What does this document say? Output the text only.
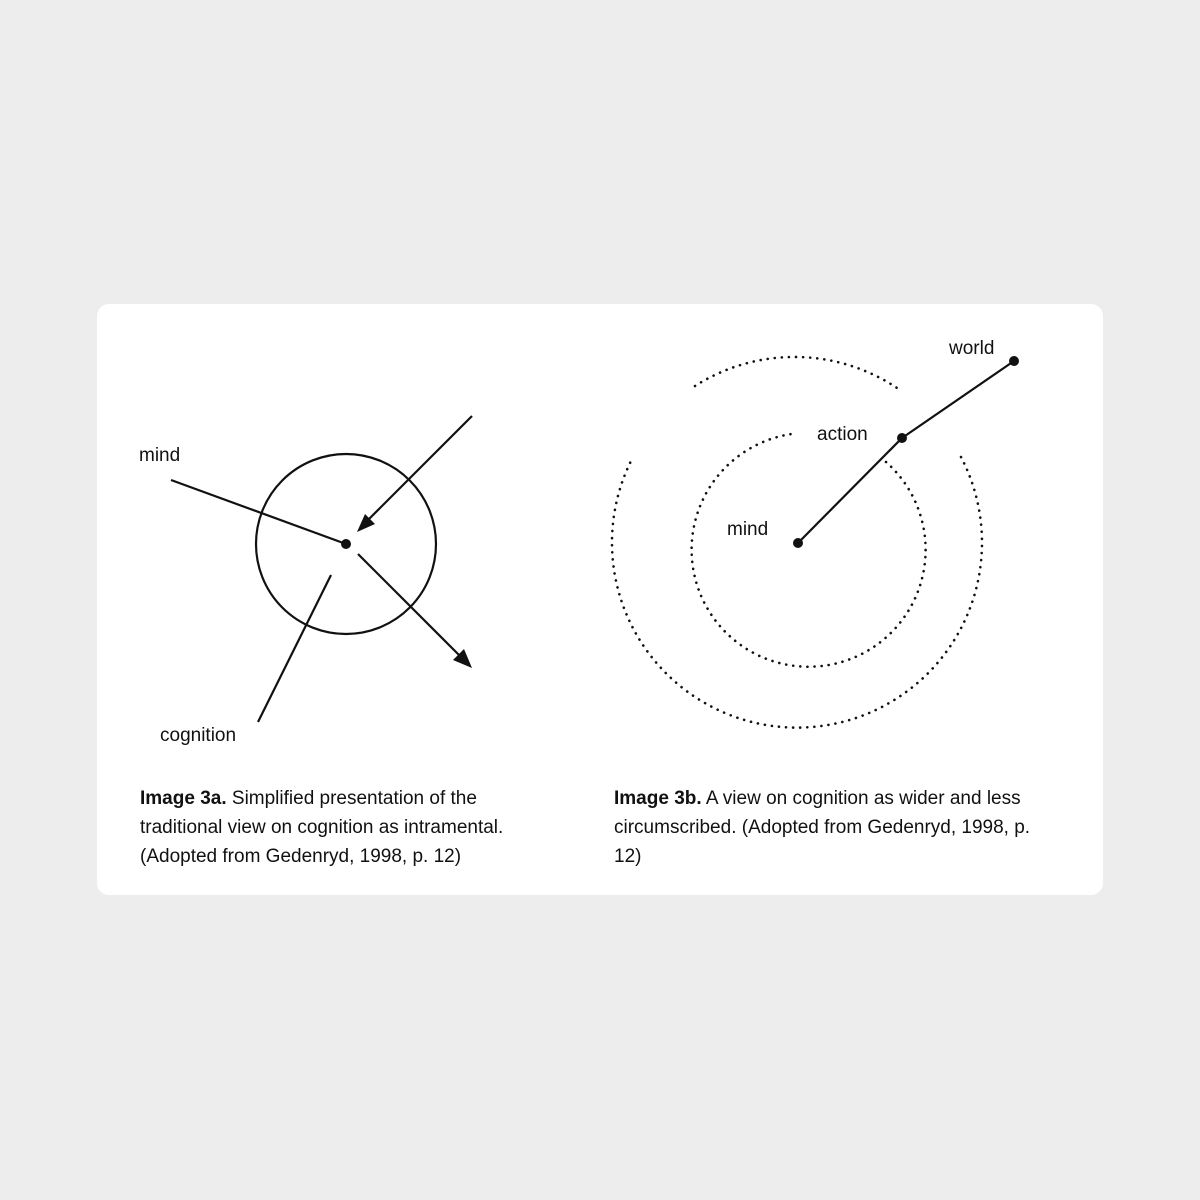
mind
cognition
world
action
mind
Image 3a. Simplified presentation of the traditional view on cognition as intramental. (Adopted from Gedenryd, 1998, p. 12)
Image 3b. A view on cognition as wider and less circumscribed. (Adopted from Gedenryd, 1998, p. 12)
